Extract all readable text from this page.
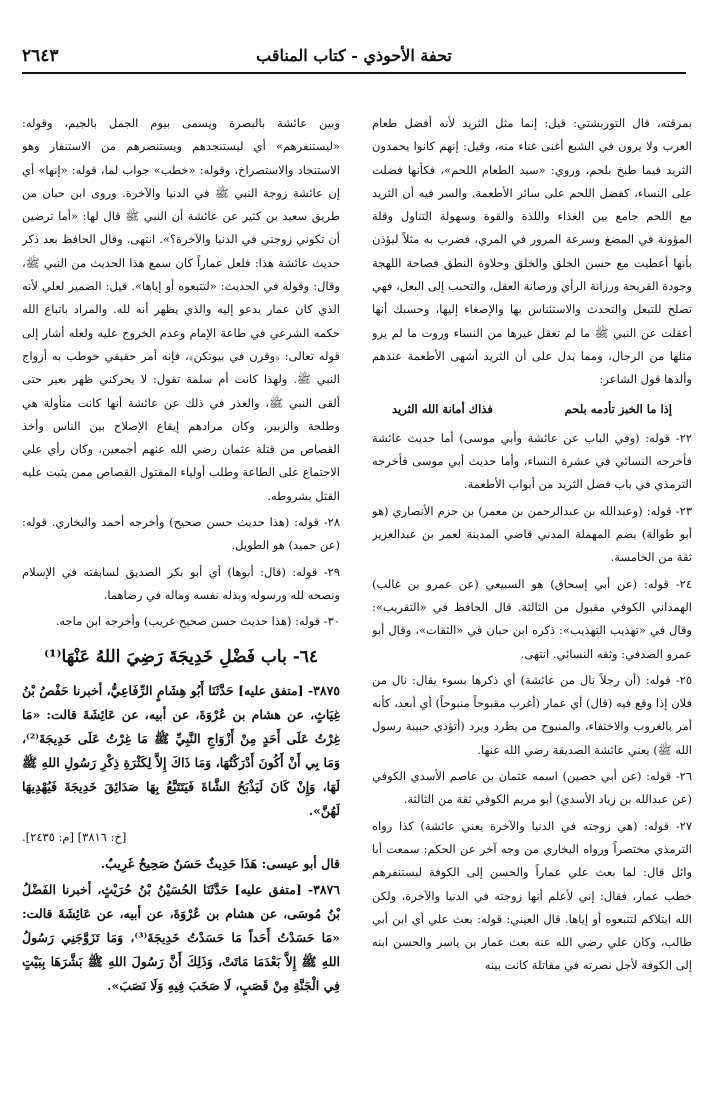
تحفة الأحوذي - كتاب المناقب
٢٦٤٣

بمرقته، قال التوربشتي: قيل: إنما مثل الثريد لأنه أفضل طعام العرب ولا يرون في الشبع أغنى غناء منه، وقيل: إنهم كانوا يحمدون الثريد فيما طبخ بلحم، وروي: «سيد الطعام اللحم»، فكأنها فضلت على النساء، كفضل اللحم على سائر الأطعمة. والسر فيه أن الثريد مع اللحم جامع بين الغذاء واللذة والقوة وسهولة التناول وقلة المؤونة في المضغ وسرعة المرور في المري، فضرب به مثلاً ليؤذن بأنها أعطيت مع حسن الخلق والخلق وحلاوة النطق فصاحة اللهجة وجودة القريحة ورزانة الرأي ورصانة العقل، والتحبب إلى البعل، فهي تصلح للتبعل والتحدث والاستئناس بها والإصغاء إليها، وحسبك أنها أعقلت عن النبي ﷺ ما لم تعقل غيرها من النساء وروت ما لم يرو مثلها من الرجال، ومما يدل على أن الثريد أشهى الأطعمة عندهم وألذها قول الشاعر:

إذا ما الخبز تأدمه بلحم
فذاك أمانة الله الثريد

٢٢- قوله: (وفي الباب عن عائشة وأبي موسى) أما حديث عائشة فأخرجه النسائي في عشرة النساء، وأما حديث أبي موسى فأخرجه الترمذي في باب فضل الثريد من أبواب الأطعمة.

٢٣- قوله: (وعبدالله بن عبدالرحمن بن معمر) بن حزم الأنصاري (هو أبو طوالة) بضم المهملة المدني قاضي المدينة لعمر بن عبدالعزيز ثقة من الخامسة.

٢٤- قوله: (عن أبي إسحاق) هو السبيعي (عن عمرو بن غالب) الهمداني الكوفي مقبول من الثالثة. قال الحافظ في «التقريب»: وقال في «تهذيب التهذيب»: ذكره ابن حبان في «الثقات»، وقال أبو عمرو الصدفي: وثقه النسائي. انتهى.

٢٥- قوله: (أن رجلاً نال من عائشة) أي ذكرها بسوء يقال: نال من فلان إذا وقع فيه (قال) أي عمار (أغرب مقبوحاً منبوحاً) أي أبعد، كأنه أمر بالغروب والاختفاء، والمنبوح من يطرد ويرد (أتؤذي حبيبة رسول الله ﷺ) يعني عائشة الصديقة رضي الله عنها.

٢٦- قوله: (عن أبي حصين) اسمه عثمان بن عاصم الأسدي الكوفي (عن عبدالله بن زياد الأسدي) أبو مريم الكوفي ثقة من الثالثة.

٢٧- قوله: (هي زوجته في الدنيا والآخرة يعني عائشة) كذا رواه الترمذي مختصراً ورواه البخاري من وجه آخر عن الحكم: سمعت أبا وائل قال: لما بعث علي عماراً والحسن إلى الكوفة ليستنفرهم خطب عمار، فقال: إني لأعلم أنها زوجته في الدنيا والآخرة، ولكن الله ابتلاكم لتتبعوه أو إياها. قال العيني: قوله: بعث علي أي ابن أبي طالب، وكان علي رضي الله عنه بعث عمار بن ياسر والحسن ابنه إلى الكوفة لأجل نصرته في مقاتلة كانت بينه

وبين عائشة بالبصرة ويسمى بيوم الجمل بالجيم، وقوله: «ليستنفرهم» أي ليستنجدهم ويستنصرهم من الاستنفار وهو الاستنجاد والاستصراخ، وقوله: «خطب» جواب لما، قوله: «إنها» أي إن عائشة زوجة النبي ﷺ في الدنيا والآخرة. وروى ابن حبان من طريق سعيد بن كثير عن عائشة أن النبي ﷺ قال لها: «أما ترضين أن تكوني زوجتي في الدنيا والآخرة؟». انتهى. وقال الحافظ بعد ذكر حديث عائشة هذا: فلعل عماراً كان سمع هذا الحديث من النبي ﷺ، وقال: وقوله في الحديث: «لتتبعوه أو إياها». قيل: الضمير لعلي لأنه الذي كان عمار يدعو إليه والذي يظهر أنه لله. والمراد باتباع الله حكمه الشرعي في طاعة الإمام وعدم الخروج عليه ولعله أشار إلى قوله تعالى: ﴿وقرن في بيوتكن﴾، فإنه أمر حقيقي خوطب به أزواج النبي ﷺ. ولهذا كانت أم سلمة تقول: لا يحركني ظهر بعير حتى ألقى النبي ﷺ، والعذر في ذلك عن عائشة أنها كانت متأولة هي وطلحة والزبير، وكان مرادهم إيقاع الإصلاح بين الناس وأخذ القصاص من قتلة عثمان رضي الله عنهم أجمعين، وكان رأي علي الاجتماع على الطاعة وطلب أولياء المقتول القصاص ممن يثبت عليه القتل بشروطه.

٢٨- قوله: (هذا حديث حسن صحيح) وأخرجه أحمد والبخاري. قوله: (عن حميد) هو الطويل.

٢٩- قوله: (قال: أبوها) أي أبو بكر الصديق لسابقته في الإسلام ونصحه لله ورسوله وبذله نفسه وماله في رضاهما.

٣٠- قوله: (هذا حديث حسن صحيح غريب) وأخرجه ابن ماجه.

٦٤- باب فَضْلِ خَدِيجَةَ رَضِيَ اللهُ عَنْهَا⁽¹⁾

٣٨٧٥- [متفق عليه] حَدَّثَنَا أَبُو هِشَامٍ الرِّفَاعِيُّ، أخبرنا حَفْصُ بْنُ غِيَاثٍ، عن هشام بن عُرْوَةَ، عن أبيه، عن عَائِشَةَ قالت: «مَا غِرْتُ عَلَى أَحَدٍ مِنْ أَزْوَاجِ النَّبِيِّ ﷺ مَا غِرْتُ عَلَى خَدِيجَةَ⁽²⁾، وَمَا بِي أَنْ أَكُونَ أَدْرَكْتُهَا، وَمَا ذَاكَ إِلاَّ لِكَثْرَةِ ذِكْرِ رَسُولِ اللهِ ﷺ لَهَا، وَإِنْ كَانَ لَيَذْبَحُ الشَّاةَ فَيَتَتَبَّعُ بِهَا صَدَائِقَ خَدِيجَةَ فَيُهْدِيهَا لَهُنَّ».

[خ: ٣٨١٦] [م: ٢٤٣٥].

قال أبو عيسى: هَذَا حَدِيثٌ حَسَنٌ صَحِيحٌ غَرِيبٌ.

٣٨٧٦- [متفق عليه] حَدَّثَنَا الحُسَيْنُ بْنُ حُرَيْثٍ، أخبرنا الفَضْلُ بْنُ مُوسَى، عن هشام بن عُرْوَةَ، عن أبيه، عن عَائِشَةَ قالت: «مَا حَسَدْتُ أَحَداً مَا حَسَدْتُ خَدِيجَةَ⁽³⁾، وَمَا تَزَوَّجَنِي رَسُولُ اللهِ ﷺ إِلاَّ بَعْدَمَا مَاتَتْ، وَذَلِكَ أَنَّ رَسُولَ اللهِ ﷺ بَشَّرَهَا بِبَيْتٍ فِي الْجَنَّةِ مِنْ قَصَبٍ، لَا صَخَبَ فِيهِ وَلَا نَصَبَ».
